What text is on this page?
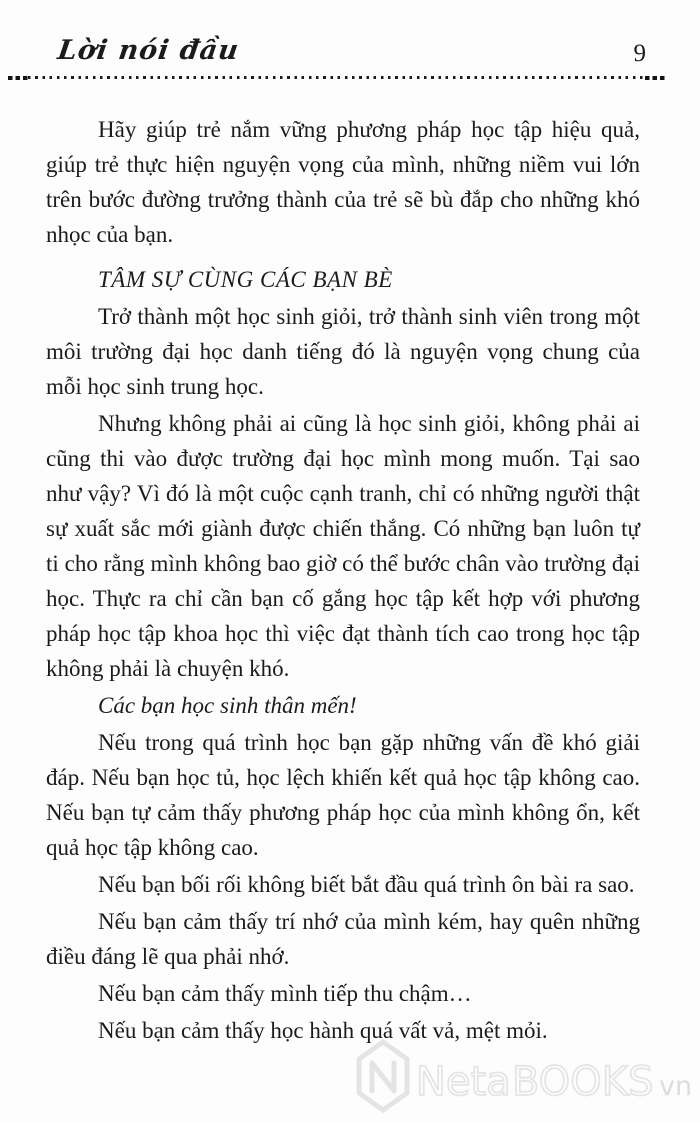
Neta BOOKS vn
Lời nói đầu	9

Hãy giúp trẻ nắm vững phương pháp học tập hiệu quả, giúp trẻ thực hiện nguyện vọng của mình, những niềm vui lớn trên bước đường trưởng thành của trẻ sẽ bù đắp cho những khó nhọc của bạn.

TÂM SỰ CÙNG CÁC BẠN BÈ

Trở thành một học sinh giỏi, trở thành sinh viên trong một môi trường đại học danh tiếng đó là nguyện vọng chung của mỗi học sinh trung học.

Nhưng không phải ai cũng là học sinh giỏi, không phải ai cũng thi vào được trường đại học mình mong muốn. Tại sao như vậy? Vì đó là một cuộc cạnh tranh, chỉ có những người thật sự xuất sắc mới giành được chiến thắng. Có những bạn luôn tự ti cho rằng mình không bao giờ có thể bước chân vào trường đại học. Thực ra chỉ cần bạn cố gắng học tập kết hợp với phương pháp học tập khoa học thì việc đạt thành tích cao trong học tập không phải là chuyện khó.

Các bạn học sinh thân mến!

Nếu trong quá trình học bạn gặp những vấn đề khó giải đáp. Nếu bạn học tủ, học lệch khiến kết quả học tập không cao. Nếu bạn tự cảm thấy phương pháp học của mình không ổn, kết quả học tập không cao.

Nếu bạn bối rối không biết bắt đầu quá trình ôn bài ra sao.

Nếu bạn cảm thấy trí nhớ của mình kém, hay quên những điều đáng lẽ qua phải nhớ.

Nếu bạn cảm thấy mình tiếp thu chậm…

Nếu bạn cảm thấy học hành quá vất vả, mệt mỏi.
